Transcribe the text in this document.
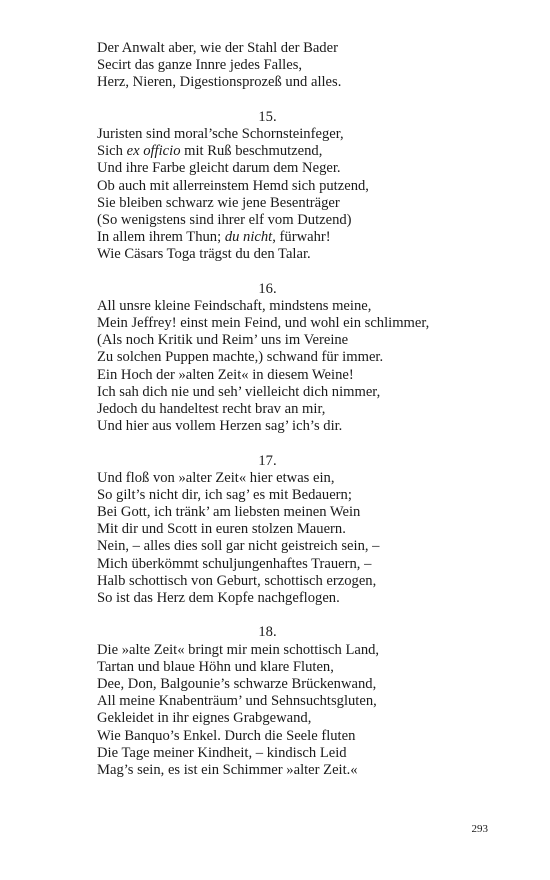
Der Anwalt aber, wie der Stahl der Bader
Secirt das ganze Innre jedes Falles,
Herz, Nieren, Digestionsprozeß und alles.
15.
Juristen sind moral’sche Schornsteinfeger,
Sich ex officio mit Ruß beschmutzend,
Und ihre Farbe gleicht darum dem Neger.
Ob auch mit allerreinstem Hemd sich putzend,
Sie bleiben schwarz wie jene Besenträger
(So wenigstens sind ihrer elf vom Dutzend)
In allem ihrem Thun; du nicht, fürwahr!
Wie Cäsars Toga trägst du den Talar.
16.
All unsre kleine Feindschaft, mindstens meine,
Mein Jeffrey! einst mein Feind, und wohl ein schlimmer,
(Als noch Kritik und Reim’ uns im Vereine
Zu solchen Puppen machte,) schwand für immer.
Ein Hoch der »alten Zeit« in diesem Weine!
Ich sah dich nie und seh’ vielleicht dich nimmer,
Jedoch du handeltest recht brav an mir,
Und hier aus vollem Herzen sag’ ich’s dir.
17.
Und floß von »alter Zeit« hier etwas ein,
So gilt’s nicht dir, ich sag’ es mit Bedauern;
Bei Gott, ich tränk’ am liebsten meinen Wein
Mit dir und Scott in euren stolzen Mauern.
Nein, – alles dies soll gar nicht geistreich sein, –
Mich überkömmt schuljungenhaftes Trauern, –
Halb schottisch von Geburt, schottisch erzogen,
So ist das Herz dem Kopfe nachgeflogen.
18.
Die »alte Zeit« bringt mir mein schottisch Land,
Tartan und blaue Höhn und klare Fluten,
Dee, Don, Balgounie’s schwarze Brückenwand,
All meine Knabenträum’ und Sehnsuchtsgluten,
Gekleidet in ihr eignes Grabgewand,
Wie Banquo’s Enkel. Durch die Seele fluten
Die Tage meiner Kindheit, – kindisch Leid
Mag’s sein, es ist ein Schimmer »alter Zeit.«
293
